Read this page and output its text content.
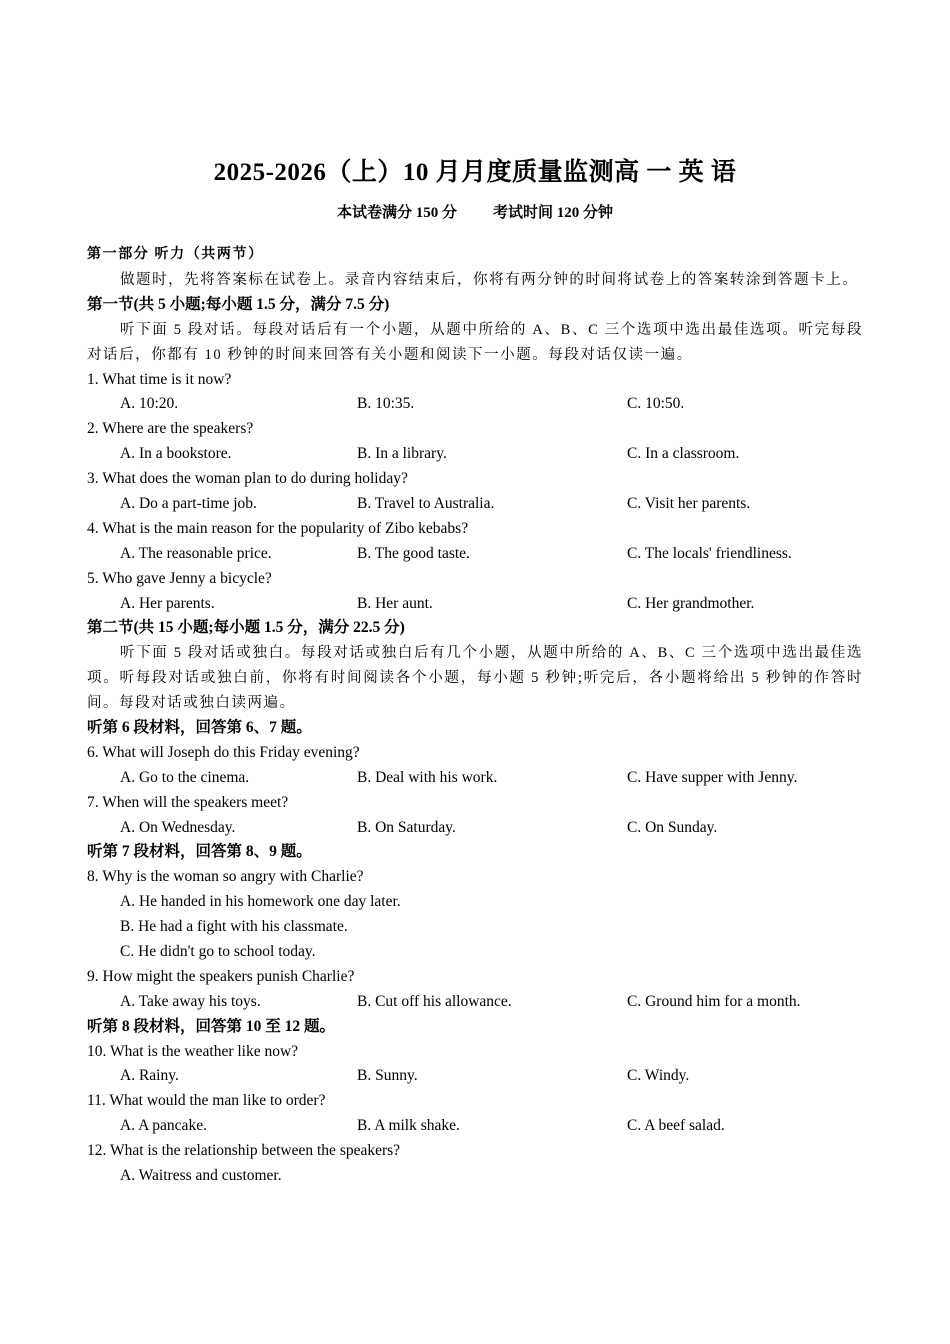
2025-2026（上）10 月月度质量监测高 一 英 语
本试卷满分 150 分 考试时间 120 分钟
第一部分 听力（共两节）
做题时，先将答案标在试卷上。录音内容结束后，你将有两分钟的时间将试卷上的答案转涂到答题卡上。
第一节(共 5 小题;每小题 1.5 分，满分 7.5 分)
听下面 5 段对话。每段对话后有一个小题，从题中所给的 A、B、C 三个选项中选出最佳选项。听完每段对话后，你都有 10 秒钟的时间来回答有关小题和阅读下一小题。每段对话仅读一遍。
1. What time is it now?
A. 10:20.	B. 10:35.	C. 10:50.
2. Where are the speakers?
A. In a bookstore.	B. In a library.	C. In a classroom.
3. What does the woman plan to do during holiday?
A. Do a part-time job.	B. Travel to Australia.	C. Visit her parents.
4. What is the main reason for the popularity of Zibo kebabs?
A. The reasonable price.	B. The good taste.	C. The locals' friendliness.
5. Who gave Jenny a bicycle?
A. Her parents.	B. Her aunt.	C. Her grandmother.
第二节(共 15 小题;每小题 1.5 分，满分 22.5 分)
听下面 5 段对话或独白。每段对话或独白后有几个小题，从题中所给的 A、B、C 三个选项中选出最佳选项。听每段对话或独白前，你将有时间阅读各个小题，每小题 5 秒钟;听完后，各小题将给出 5 秒钟的作答时间。每段对话或独白读两遍。
听第 6 段材料，回答第 6、7 题。
6. What will Joseph do this Friday evening?
A. Go to the cinema.	B. Deal with his work.	C. Have supper with Jenny.
7. When will the speakers meet?
A. On Wednesday.	B. On Saturday.	C. On Sunday.
听第 7 段材料，回答第 8、9 题。
8. Why is the woman so angry with Charlie?
A. He handed in his homework one day later.
B. He had a fight with his classmate.
C. He didn't go to school today.
9. How might the speakers punish Charlie?
A. Take away his toys.	B. Cut off his allowance.	C. Ground him for a month.
听第 8 段材料，回答第 10 至 12 题。
10. What is the weather like now?
A. Rainy.	B. Sunny.	C. Windy.
11. What would the man like to order?
A. A pancake.	B. A milk shake.	C. A beef salad.
12. What is the relationship between the speakers?
A. Waitress and customer.
